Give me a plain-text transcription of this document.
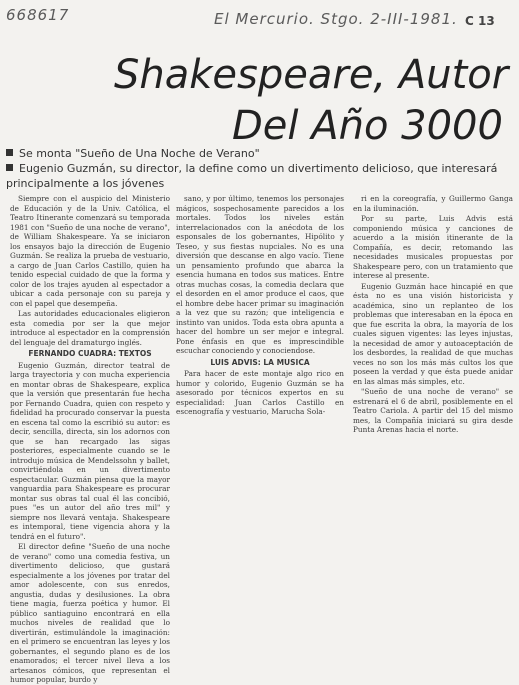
668617	El Mercurio. Stgo. 2-III-1981. C 13
Shakespeare, Autor
Del Año 3000
Se monta "Sueño de Una Noche de Verano"
Eugenio Guzmán, su director, la define como un divertimento delicioso, que interesará principalmente a los jóvenes

Siempre con el auspicio del Ministerio de Educación y de la Univ. Católica, el Teatro Itinerante comenzará su temporada 1981 con "Sueño de una noche de verano", de William Shakespeare. Ya se iniciaron los ensayos bajo la dirección de Eugenio Guzmán. Se realiza la prueba de vestuario, a cargo de Juan Carlos Castillo, quien ha tenido especial cuidado de que la forma y color de los trajes ayuden al espectador a ubicar a cada personaje con su pareja y con el papel que desempeña.

Las autoridades educacionales eligieron esta comedia por ser la que mejor introduce al espectador en la comprensión del lenguaje del dramaturgo inglés.

FERNANDO CUADRA: TEXTOS

Eugenio Guzmán, director teatral de larga trayectoria y con mucha experiencia en montar obras de Shakespeare, explica que la versión que presentarán fue hecha por Fernando Cuadra, quien con respeto y fidelidad ha procurado conservar la puesta en escena tal como la escribió su autor: es decir, sencilla, directa, sin los adornos con que se han recargado las sigas posteriores, especialmente cuando se le introdujo música de Mendelssohn y ballet, convirtiéndola en un divertimento espectacular. Guzmán piensa que la mayor vanguardia para Shakespeare es procurar montar sus obras tal cual él las concibió, pues "es un autor del año tres mil" y siempre nos llevará ventaja. Shakespeare es intemporal, tiene vigencia ahora y la tendrá en el futuro".

El director define "Sueño de una noche de verano" como una comedia festiva, un divertimento delicioso, que gustará especialmente a los jóvenes por tratar del amor adolescente, con sus enredos, angustia, dudas y desilusiones. La obra tiene magia, fuerza poética y humor. El público santiaguino encontrará en ella muchos niveles de realidad que lo divertirán, estimulándole la imaginación: en el primero se encuentran las leyes y los gobernantes, el segundo plano es de los enamorados; el tercer nivel lleva a los artesanos cómicos, que representan el humor popular, burdo y

sano, y por último, tenemos los personajes mágicos, sospechosamente parecidos a los mortales. Todos los niveles están interrelacionados con la anécdota de los esponsales de los gobernantes, Hipólito y Teseo, y sus fiestas nupciales. No es una diversión que descanse en algo vacío. Tiene un pensamiento profundo que abarca la esencia humana en todos sus matices. Entre otras muchas cosas, la comedia declara que el desorden en el amor produce el caos, que el hombre debe hacer primar su imaginación a la vez que su razón; que inteligencia e instinto van unidos. Toda esta obra apunta a hacer del hombre un ser mejor e integral. Pone énfasis en que es imprescindible escuchar conociendo y conociendose.

LUIS ADVIS: LA MUSICA

Para hacer de este montaje algo rico en humor y colorido, Eugenio Guzmán se ha asesorado por técnicos expertos en su especialidad: Juan Carlos Castillo en escenografía y vestuario, Marucha Sola-

ri en la coreografía, y Guillermo Ganga en la iluminación.

Por su parte, Luis Advis está componiendo música y canciones de acuerdo a la misión itinerante de la Compañía, es decir, retomando las necesidades musicales propuestas por Shakespeare pero, con un tratamiento que interese al presente.

Eugenio Guzmán hace hincapié en que ésta no es una visión historicista y académica, sino un replanteo de los problemas que interesaban en la época en que fue escrita la obra, la mayoría de los cuales siguen vigentes: las leyes injustas, la necesidad de amor y autoaceptación de los desbordes, la realidad de que muchas veces no son los más más cultos los que poseen la verdad y que ésta puede anidar en las almas más simples, etc.

"Sueño de una noche de verano" se estrenará el 6 de abril, posiblemente en el Teatro Cariola. A partir del 15 del mismo mes, la Compañía iniciará su gira desde Punta Arenas hacia el norte.
